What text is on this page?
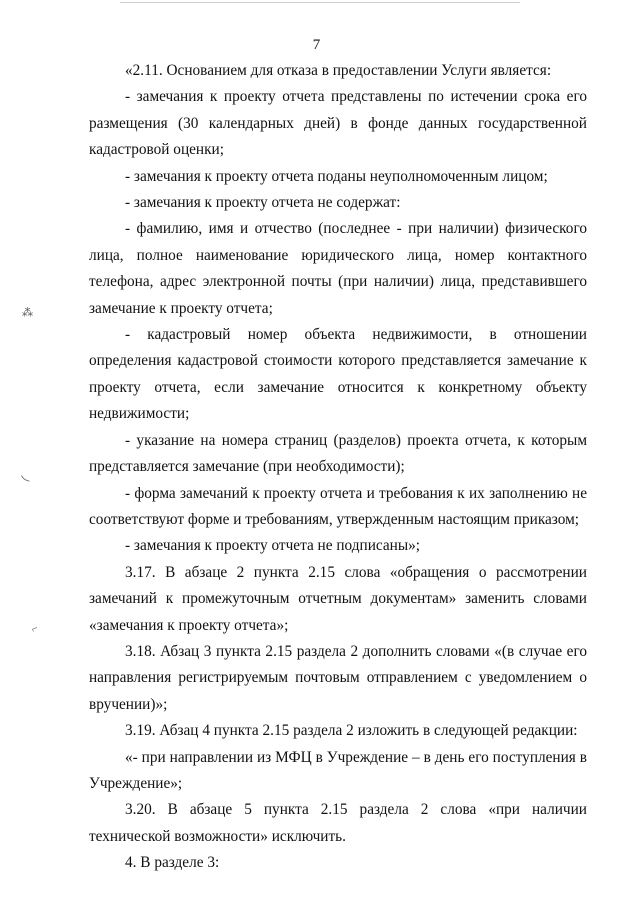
7

«2.11. Основанием для отказа в предоставлении Услуги является:

- замечания к проекту отчета представлены по истечении срока его размещения (30 календарных дней) в фонде данных государственной кадастровой оценки;

- замечания к проекту отчета поданы неуполномоченным лицом;

- замечания к проекту отчета не содержат:

- фамилию, имя и отчество (последнее - при наличии) физического лица, полное наименование юридического лица, номер контактного телефона, адрес электронной почты (при наличии) лица, представившего замечание к проекту отчета;

- кадастровый номер объекта недвижимости, в отношении определения кадастровой стоимости которого представляется замечание к проекту отчета, если замечание относится к конкретному объекту недвижимости;

- указание на номера страниц (разделов) проекта отчета, к которым представляется замечание (при необходимости);

- форма замечаний к проекту отчета и требования к их заполнению не соответствуют форме и требованиям, утвержденным настоящим приказом;

- замечания к проекту отчета не подписаны»;

3.17. В абзаце 2 пункта 2.15 слова «обращения о рассмотрении замечаний к промежуточным отчетным документам» заменить словами «замечания к проекту отчета»;

3.18. Абзац 3 пункта 2.15 раздела 2 дополнить словами «(в случае его направления регистрируемым почтовым отправлением с уведомлением о вручении)»;

3.19. Абзац 4 пункта 2.15 раздела 2 изложить в следующей редакции:

«- при направлении из МФЦ в Учреждение – в день его поступления в Учреждение»;

3.20. В абзаце 5 пункта 2.15 раздела 2 слова «при наличии технической возможности» исключить.

4. В разделе 3:

⁂
‿
⌐
